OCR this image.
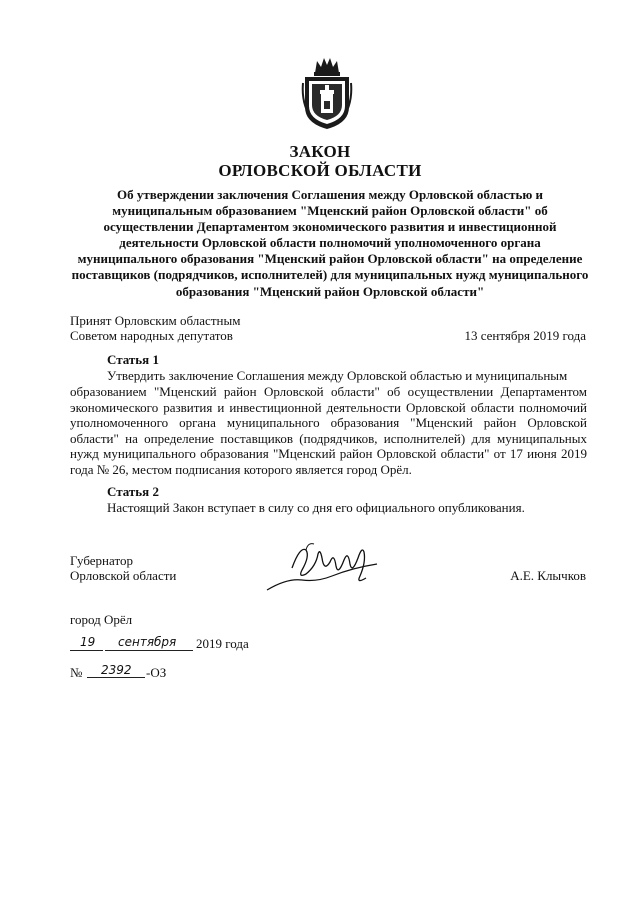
ЗАКОН
ОРЛОВСКОЙ ОБЛАСТИ
Об утверждении заключения Соглашения между Орловской областью и муниципальным образованием "Мценский район Орловской области" об осуществлении Департаментом экономического развития и инвестиционной деятельности Орловской области полномочий уполномоченного органа муниципального образования "Мценский район Орловской области" на определение поставщиков (подрядчиков, исполнителей) для муниципальных нужд муниципального образования "Мценский район Орловской области"
Принят Орловским областным
Советом народных депутатов	13 сентября 2019 года
Статья 1
Утвердить заключение Соглашения между Орловской областью и муниципальным
образованием "Мценский район Орловской области" об осуществлении Департаментом экономического развития и инвестиционной деятельности Орловской области полномочий уполномоченного органа муниципального образования "Мценский район Орловской области" на определение поставщиков (подрядчиков, исполнителей) для муниципальных нужд муниципального образования "Мценский район Орловской области" от 17 июня 2019 года № 26, местом подписания которого является город Орёл.
Статья 2
Настоящий Закон вступает в силу со дня его официального опубликования.
Губернатор
Орловской области	А.Е. Клычков
город Орёл
19 сентября 2019 года
№ 2392 -ОЗ
